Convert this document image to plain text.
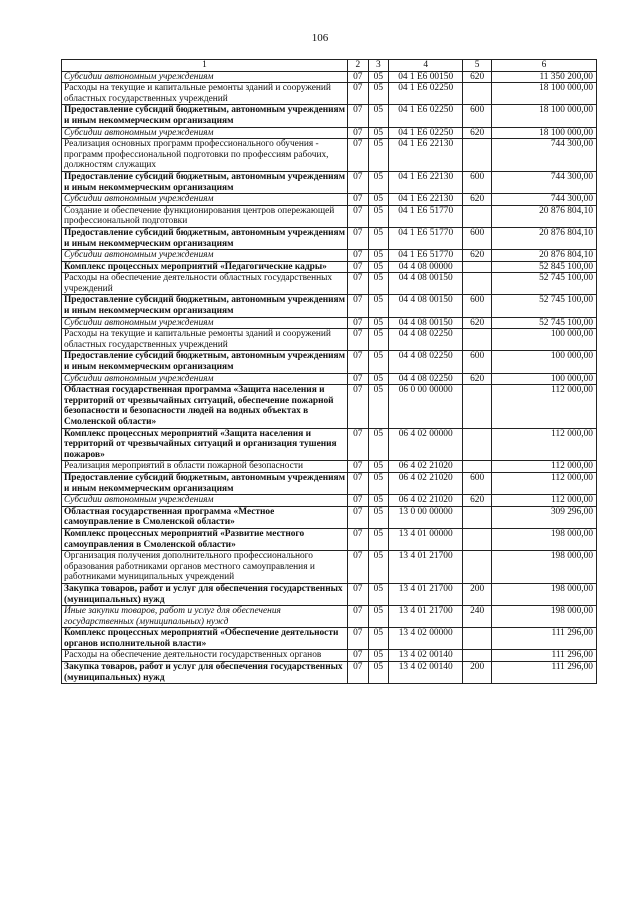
106
1	2	3	4	5	6
Субсидии автономным учреждениям	07	05	04 1 Е6 00150	620	11 350 200,00
Расходы на текущие и капитальные ремонты зданий и сооружений областных государственных учреждений	07	05	04 1 Е6 02250		18 100 000,00
Предоставление субсидий бюджетным, автономным учреждениям и иным некоммерческим организациям	07	05	04 1 Е6 02250	600	18 100 000,00
Субсидии автономным учреждениям	07	05	04 1 Е6 02250	620	18 100 000,00
Реализация основных программ профессионального обучения - программ профессиональной подготовки по профессиям рабочих, должностям служащих	07	05	04 1 Е6 22130		744 300,00
Предоставление субсидий бюджетным, автономным учреждениям и иным некоммерческим организациям	07	05	04 1 Е6 22130	600	744 300,00
Субсидии автономным учреждениям	07	05	04 1 Е6 22130	620	744 300,00
Создание и обеспечение функционирования центров опережающей профессиональной подготовки	07	05	04 1 Е6 51770		20 876 804,10
Предоставление субсидий бюджетным, автономным учреждениям и иным некоммерческим организациям	07	05	04 1 Е6 51770	600	20 876 804,10
Субсидии автономным учреждениям	07	05	04 1 Е6 51770	620	20 876 804,10
Комплекс процессных мероприятий «Педагогические кадры»	07	05	04 4 08 00000		52 845 100,00
Расходы на обеспечение деятельности областных государственных учреждений	07	05	04 4 08 00150		52 745 100,00
Предоставление субсидий бюджетным, автономным учреждениям и иным некоммерческим организациям	07	05	04 4 08 00150	600	52 745 100,00
Субсидии автономным учреждениям	07	05	04 4 08 00150	620	52 745 100,00
Расходы на текущие и капитальные ремонты зданий и сооружений областных государственных учреждений	07	05	04 4 08 02250		100 000,00
Предоставление субсидий бюджетным, автономным учреждениям и иным некоммерческим организациям	07	05	04 4 08 02250	600	100 000,00
Субсидии автономным учреждениям	07	05	04 4 08 02250	620	100 000,00
Областная государственная программа «Защита населения и территорий от чрезвычайных ситуаций, обеспечение пожарной безопасности и безопасности людей на водных объектах в Смоленской области»	07	05	06 0 00 00000		112 000,00
Комплекс процессных мероприятий «Защита населения и территорий от чрезвычайных ситуаций и организация тушения пожаров»	07	05	06 4 02 00000		112 000,00
Реализация мероприятий в области пожарной безопасности	07	05	06 4 02 21020		112 000,00
Предоставление субсидий бюджетным, автономным учреждениям и иным некоммерческим организациям	07	05	06 4 02 21020	600	112 000,00
Субсидии автономным учреждениям	07	05	06 4 02 21020	620	112 000,00
Областная государственная программа «Местное самоуправление в Смоленской области»	07	05	13 0 00 00000		309 296,00
Комплекс процессных мероприятий «Развитие местного самоуправления в Смоленской области»	07	05	13 4 01 00000		198 000,00
Организация получения дополнительного профессионального образования работниками органов местного самоуправления и работниками муниципальных учреждений	07	05	13 4 01 21700		198 000,00
Закупка товаров, работ и услуг для обеспечения государственных (муниципальных) нужд	07	05	13 4 01 21700	200	198 000,00
Иные закупки товаров, работ и услуг для обеспечения государственных (муниципальных) нужд	07	05	13 4 01 21700	240	198 000,00
Комплекс процессных мероприятий «Обеспечение деятельности органов исполнительной власти»	07	05	13 4 02 00000		111 296,00
Расходы на обеспечение деятельности государственных органов	07	05	13 4 02 00140		111 296,00
Закупка товаров, работ и услуг для обеспечения государственных (муниципальных) нужд	07	05	13 4 02 00140	200	111 296,00
